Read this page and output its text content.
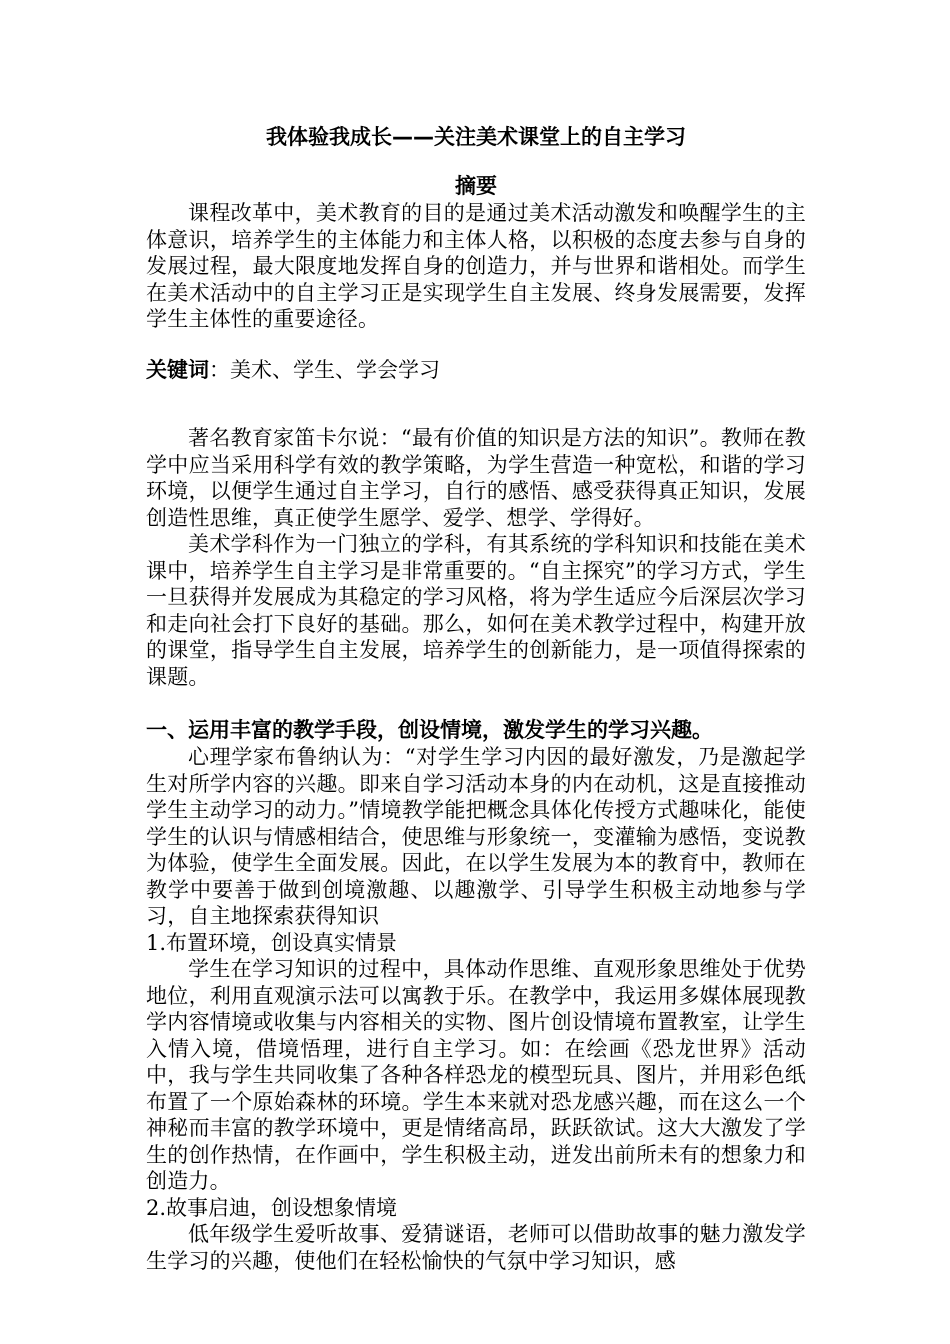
我体验我成长——关注美术课堂上的自主学习
摘要

课程改革中，美术教育的目的是通过美术活动激发和唤醒学生的主体意识，培养学生的主体能力和主体人格，以积极的态度去参与自身的发展过程，最大限度地发挥自身的创造力，并与世界和谐相处。而学生在美术活动中的自主学习正是实现学生自主发展、终身发展需要，发挥学生主体性的重要途径。

关键词：美术、学生、学会学习

著名教育家笛卡尔说：“最有价值的知识是方法的知识”。教师在教学中应当采用科学有效的教学策略，为学生营造一种宽松，和谐的学习环境，以便学生通过自主学习，自行的感悟、感受获得真正知识，发展创造性思维，真正使学生愿学、爱学、想学、学得好。

美术学科作为一门独立的学科，有其系统的学科知识和技能在美术课中，培养学生自主学习是非常重要的。“自主探究”的学习方式，学生一旦获得并发展成为其稳定的学习风格，将为学生适应今后深层次学习和走向社会打下良好的基础。那么，如何在美术教学过程中，构建开放的课堂，指导学生自主发展，培养学生的创新能力，是一项值得探索的课题。

一、运用丰富的教学手段，创设情境，激发学生的学习兴趣。

心理学家布鲁纳认为：“对学生学习内因的最好激发，乃是激起学生对所学内容的兴趣。即来自学习活动本身的内在动机，这是直接推动学生主动学习的动力。”情境教学能把概念具体化传授方式趣味化，能使学生的认识与情感相结合，使思维与形象统一，变灌输为感悟，变说教为体验，使学生全面发展。因此，在以学生发展为本的教育中，教师在教学中要善于做到创境激趣、以趣激学、引导学生积极主动地参与学习，自主地探索获得知识

1.布置环境，创设真实情景

学生在学习知识的过程中，具体动作思维、直观形象思维处于优势地位，利用直观演示法可以寓教于乐。在教学中，我运用多媒体展现教学内容情境或收集与内容相关的实物、图片创设情境布置教室，让学生入情入境，借境悟理，进行自主学习。如：在绘画《恐龙世界》活动中，我与学生共同收集了各种各样恐龙的模型玩具、图片，并用彩色纸布置了一个原始森林的环境。学生本来就对恐龙感兴趣，而在这么一个神秘而丰富的教学环境中，更是情绪高昂，跃跃欲试。这大大激发了学生的创作热情，在作画中，学生积极主动，迸发出前所未有的想象力和创造力。

2.故事启迪，创设想象情境

低年级学生爱听故事、爱猜谜语，老师可以借助故事的魅力激发学生学习的兴趣，使他们在轻松愉快的气氛中学习知识，感
